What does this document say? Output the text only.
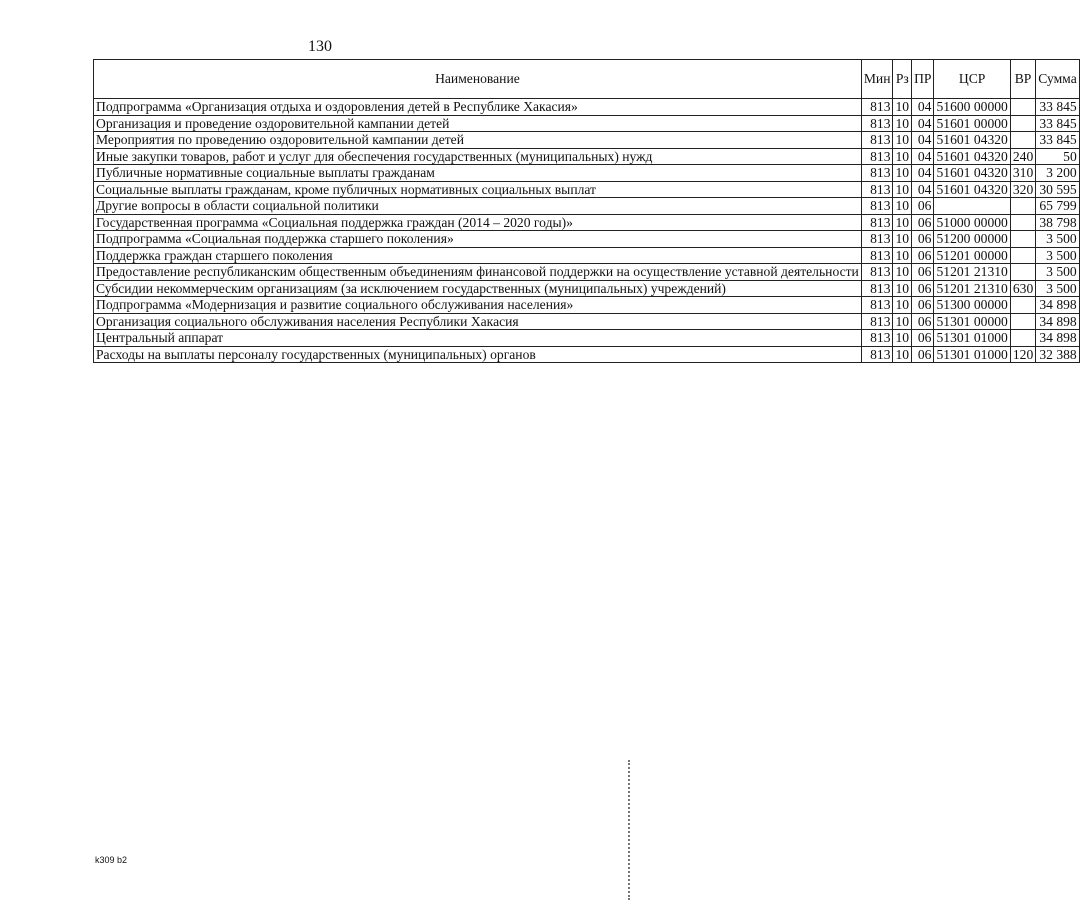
130
Наименование	Мин	Рз	ПР	ЦСР	ВР	Сумма
Подпрограмма «Организация отдыха и оздоровления детей в Республике Хакасия»	813	10	04	51600 00000		33 845
Организация и проведение оздоровительной кампании детей	813	10	04	51601 00000		33 845
Мероприятия по проведению оздоровительной кампании детей	813	10	04	51601 04320		33 845
Иные закупки товаров, работ и услуг для обеспечения государственных (муниципальных) нужд	813	10	04	51601 04320	240	50
Публичные нормативные социальные выплаты гражданам	813	10	04	51601 04320	310	3 200
Социальные выплаты гражданам, кроме публичных нормативных социальных выплат	813	10	04	51601 04320	320	30 595
Другие вопросы в области социальной политики	813	10	06			65 799
Государственная программа «Социальная поддержка граждан (2014 – 2020 годы)»	813	10	06	51000 00000		38 798
Подпрограмма «Социальная поддержка старшего поколения»	813	10	06	51200 00000		3 500
Поддержка граждан старшего поколения	813	10	06	51201 00000		3 500
Предоставление республиканским общественным объединениям финансовой поддержки на осуществление уставной деятельности	813	10	06	51201 21310		3 500
Субсидии некоммерческим организациям (за исключением государственных (муниципальных) учреждений)	813	10	06	51201 21310	630	3 500
Подпрограмма «Модернизация и развитие социального обслуживания населения»	813	10	06	51300 00000		34 898
Организация социального обслуживания населения Республики Хакасия	813	10	06	51301 00000		34 898
Центральный аппарат	813	10	06	51301 01000		34 898
Расходы на выплаты персоналу государственных (муниципальных) органов	813	10	06	51301 01000	120	32 388
k309 b2
